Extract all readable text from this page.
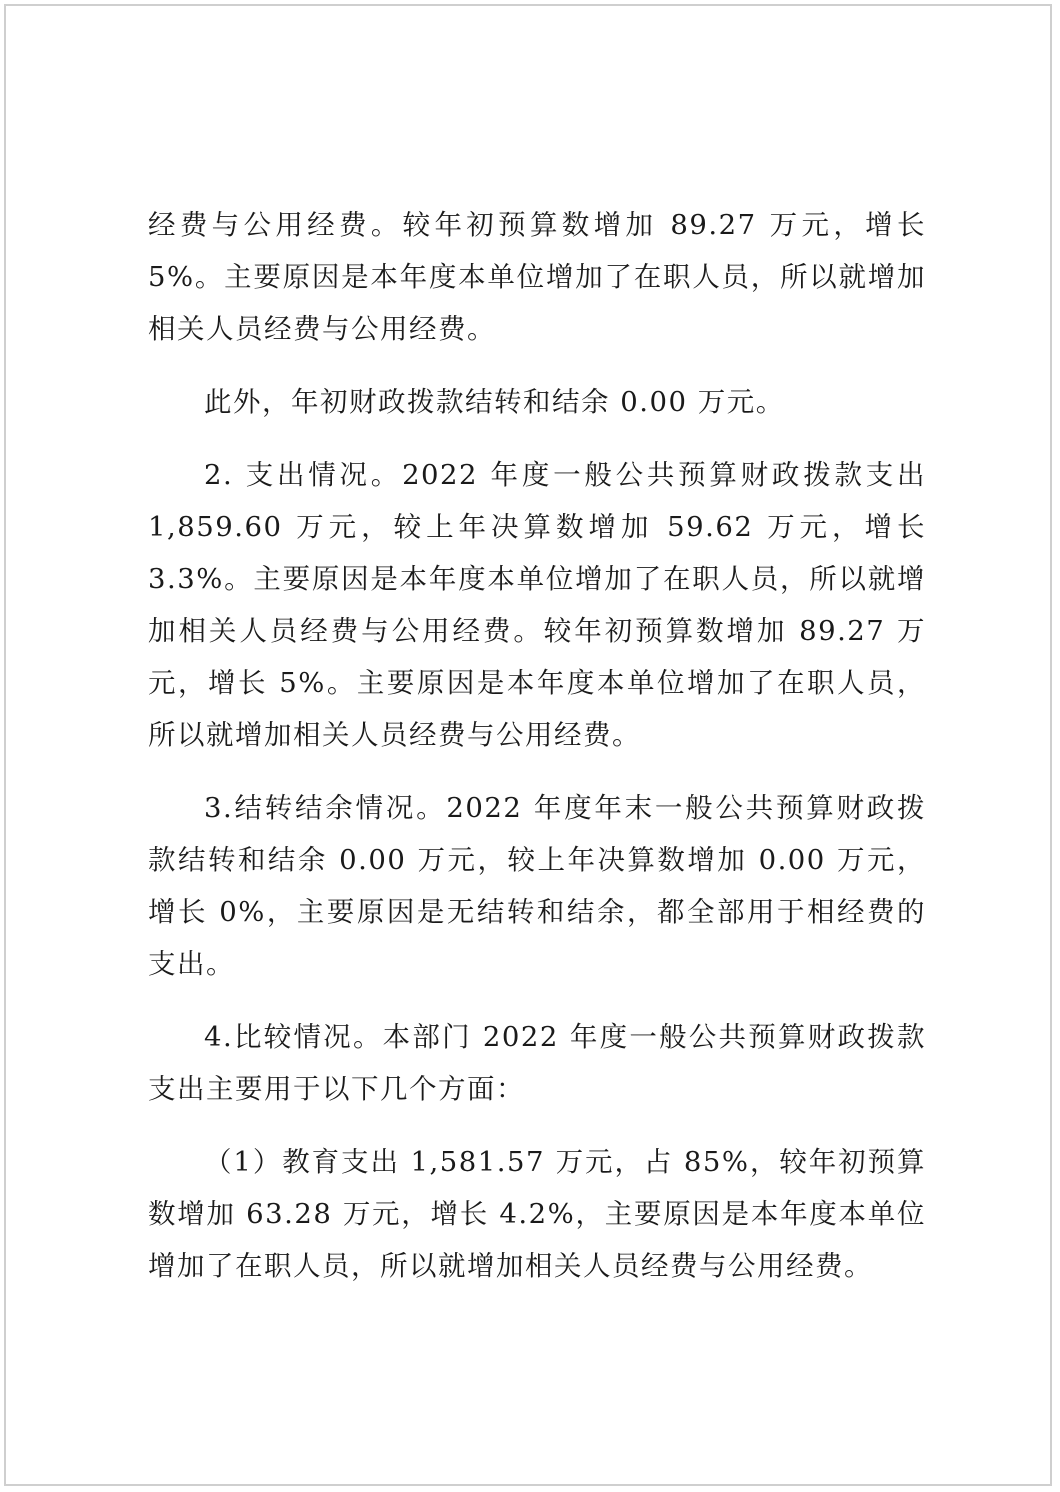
经费与公用经费。较年初预算数增加 89.27 万元，增长 5%。主要原因是本年度本单位增加了在职人员，所以就增加相关人员经费与公用经费。

此外，年初财政拨款结转和结余 0.00 万元。

2. 支出情况。2022 年度一般公共预算财政拨款支出 1,859.60 万元，较上年决算数增加 59.62 万元，增长 3.3%。主要原因是本年度本单位增加了在职人员，所以就增加相关人员经费与公用经费。较年初预算数增加 89.27 万元，增长 5%。主要原因是本年度本单位增加了在职人员，所以就增加相关人员经费与公用经费。

3.结转结余情况。2022 年度年末一般公共预算财政拨款结转和结余 0.00 万元，较上年决算数增加 0.00 万元，增长 0%，主要原因是无结转和结余，都全部用于相经费的支出。

4.比较情况。本部门 2022 年度一般公共预算财政拨款支出主要用于以下几个方面：

（1）教育支出 1,581.57 万元，占 85%，较年初预算数增加 63.28 万元，增长 4.2%，主要原因是本年度本单位增加了在职人员，所以就增加相关人员经费与公用经费。
